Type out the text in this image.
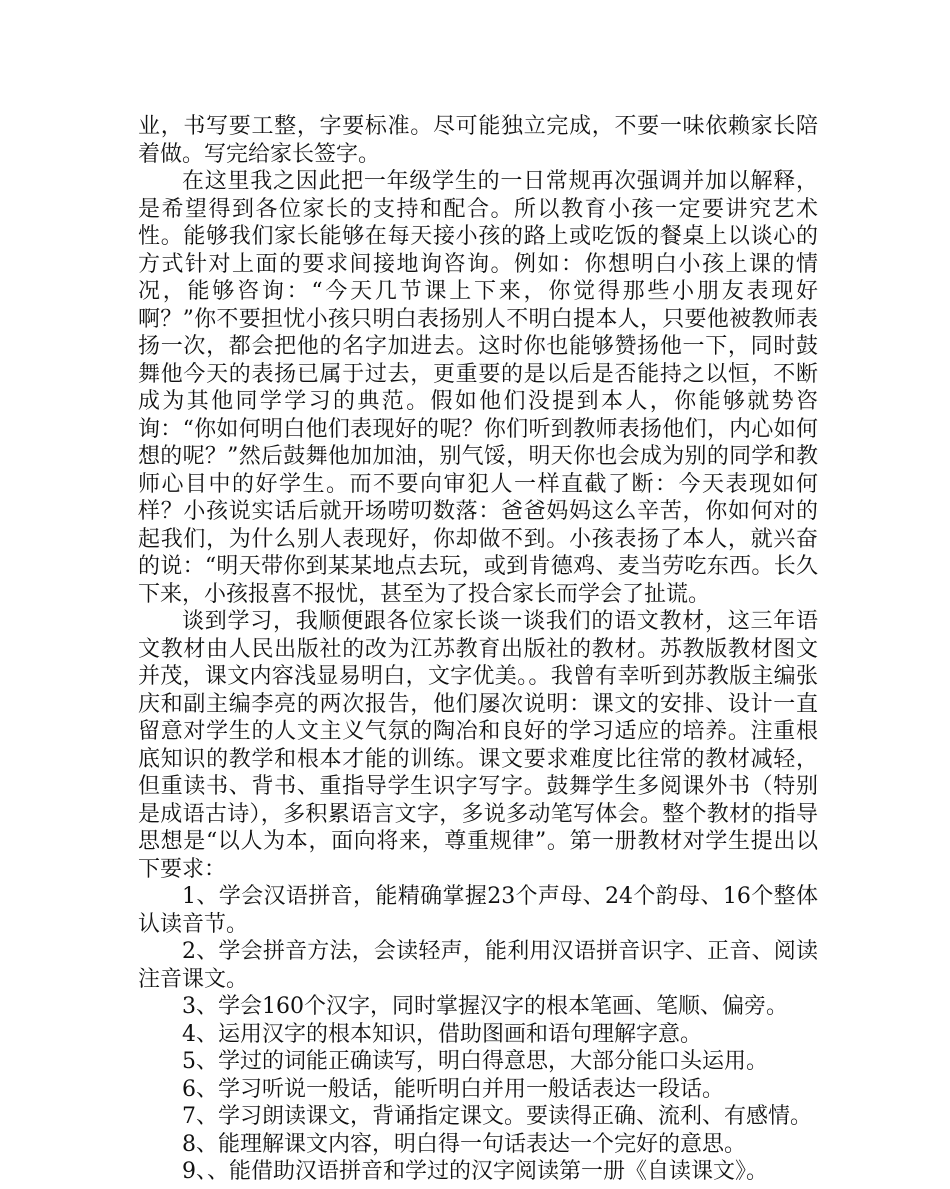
业，书写要工整，字要标准。尽可能独立完成，不要一味依赖家长陪着做。写完给家长签字。

在这里我之因此把一年级学生的一日常规再次强调并加以解释，是希望得到各位家长的支持和配合。所以教育小孩一定要讲究艺术性。能够我们家长能够在每天接小孩的路上或吃饭的餐桌上以谈心的方式针对上面的要求间接地询咨询。例如：你想明白小孩上课的情况，能够咨询：“今天几节课上下来，你觉得那些小朋友表现好啊？”你不要担忧小孩只明白表扬别人不明白提本人，只要他被教师表扬一次，都会把他的名字加进去。这时你也能够赞扬他一下，同时鼓舞他今天的表扬已属于过去，更重要的是以后是否能持之以恒，不断成为其他同学学习的典范。假如他们没提到本人，你能够就势咨询：“你如何明白他们表现好的呢？你们听到教师表扬他们，内心如何想的呢？”然后鼓舞他加加油，别气馁，明天你也会成为别的同学和教师心目中的好学生。而不要向审犯人一样直截了断：今天表现如何样？小孩说实话后就开场唠叨数落：爸爸妈妈这么辛苦，你如何对的起我们，为什么别人表现好，你却做不到。小孩表扬了本人，就兴奋的说：“明天带你到某某地点去玩，或到肯德鸡、麦当劳吃东西。长久下来，小孩报喜不报忧，甚至为了投合家长而学会了扯谎。

谈到学习，我顺便跟各位家长谈一谈我们的语文教材，这三年语文教材由人民出版社的改为江苏教育出版社的教材。苏教版教材图文并茂，课文内容浅显易明白，文字优美。。我曾有幸听到苏教版主编张庆和副主编李亮的两次报告，他们屡次说明：课文的安排、设计一直留意对学生的人文主义气氛的陶冶和良好的学习适应的培养。注重根底知识的教学和根本才能的训练。课文要求难度比往常的教材减轻，但重读书、背书、重指导学生识字写字。鼓舞学生多阅课外书（特别是成语古诗），多积累语言文字，多说多动笔写体会。整个教材的指导思想是“以人为本，面向将来，尊重规律”。第一册教材对学生提出以下要求：

1、学会汉语拼音，能精确掌握23个声母、24个韵母、16个整体认读音节。

2、学会拼音方法，会读轻声，能利用汉语拼音识字、正音、阅读注音课文。

3、学会160个汉字，同时掌握汉字的根本笔画、笔顺、偏旁。

4、运用汉字的根本知识，借助图画和语句理解字意。

5、学过的词能正确读写，明白得意思，大部分能口头运用。

6、学习听说一般话，能听明白并用一般话表达一段话。

7、学习朗读课文，背诵指定课文。要读得正确、流利、有感情。

8、能理解课文内容，明白得一句话表达一个完好的意思。

9、、能借助汉语拼音和学过的汉字阅读第一册《自读课文》。
